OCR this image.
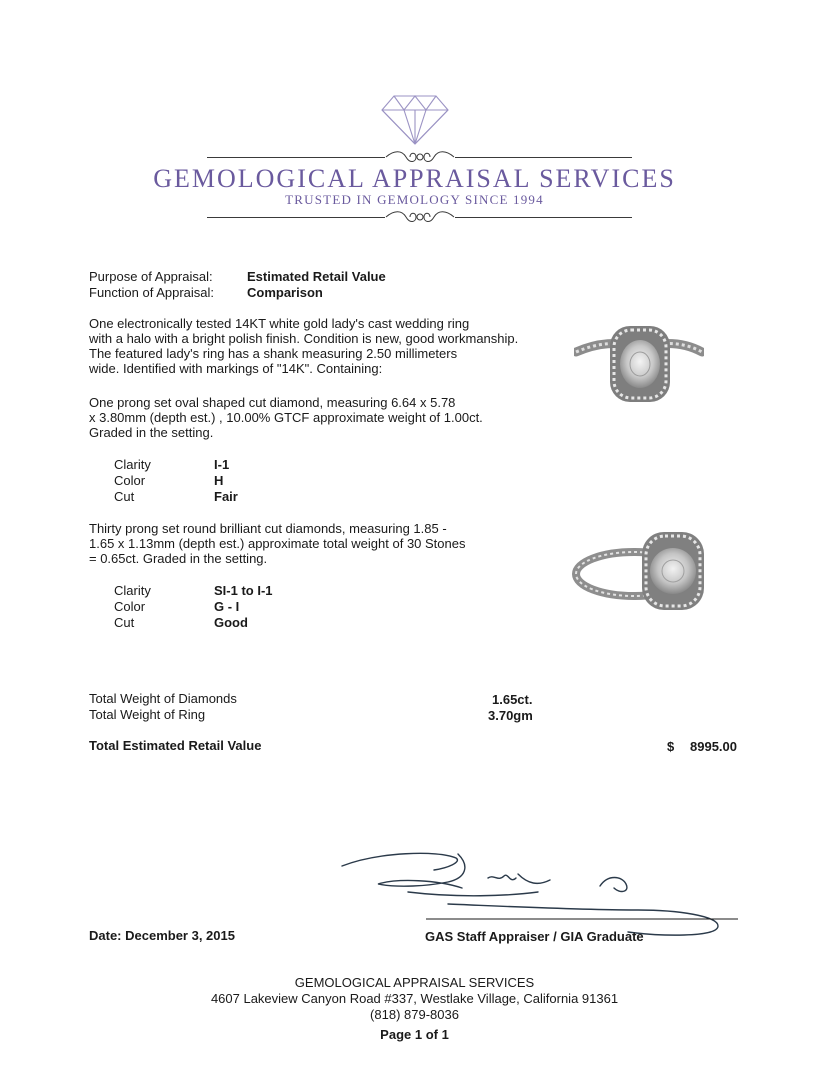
GEMOLOGICAL APPRAISAL SERVICES
TRUSTED IN GEMOLOGY SINCE 1994
Purpose of Appraisal:	Estimated Retail Value
Function of Appraisal:	Comparison
One electronically tested 14KT white gold lady's cast wedding ring
with a halo with a bright polish finish. Condition is new, good workmanship.
The featured lady's ring has a shank measuring 2.50 millimeters
wide. Identified with markings of "14K". Containing:
One prong set oval shaped cut diamond, measuring 6.64 x 5.78
x 3.80mm (depth est.) , 10.00% GTCF approximate weight of 1.00ct.
Graded in the setting.
Clarity	I-1
Color	H
Cut	Fair
Thirty prong set round brilliant cut diamonds, measuring 1.85 -
1.65 x 1.13mm (depth est.) approximate total weight of 30 Stones
= 0.65ct. Graded in the setting.
Clarity	SI-1 to I-1
Color	G - I
Cut	Good
Total Weight of Diamonds	1.65ct.
Total Weight of Ring	3.70gm
Total Estimated Retail Value	$ 8995.00
Date: December 3, 2015	GAS Staff Appraiser / GIA Graduate
GEMOLOGICAL APPRAISAL SERVICES
4607 Lakeview Canyon Road #337, Westlake Village, California 91361
(818) 879-8036
Page 1 of 1
